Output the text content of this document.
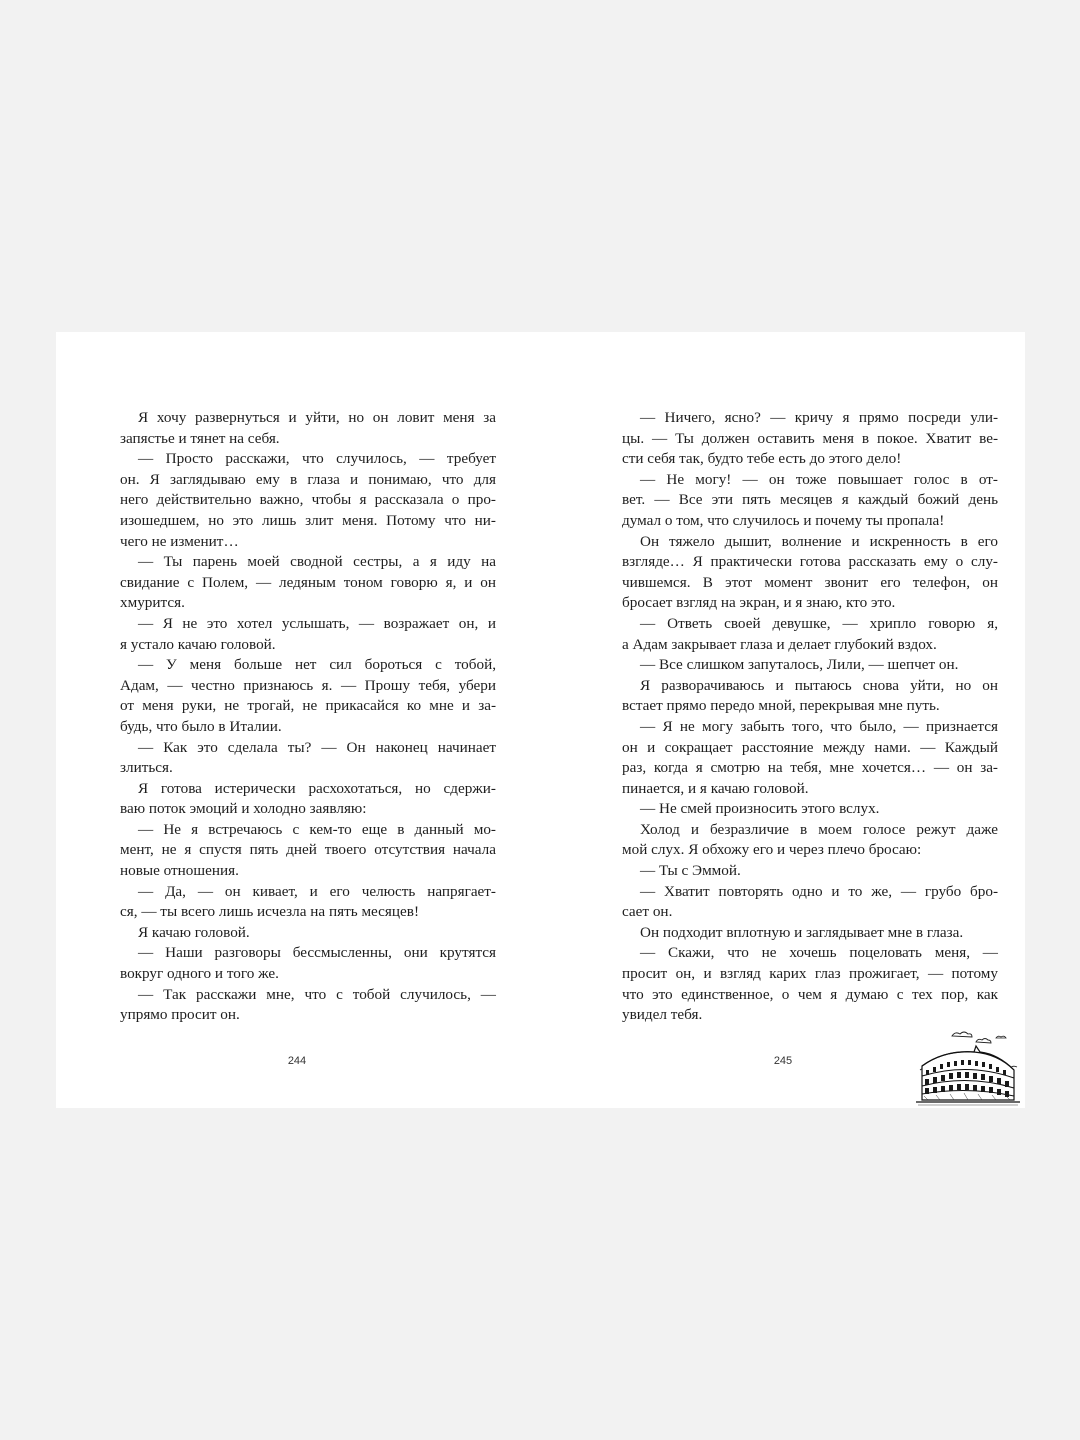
Я хочу развернуться и уйти, но он ловит меня за
запястье и тянет на себя.
— Просто расскажи, что случилось, — требует
он. Я заглядываю ему в глаза и понимаю, что для
него действительно важно, чтобы я рассказала о про-
изошедшем, но это лишь злит меня. Потому что ни-
чего не изменит…
— Ты парень моей сводной сестры, а я иду на
свидание с Полем, — ледяным тоном говорю я, и он
хмурится.
— Я не это хотел услышать, — возражает он, и
я устало качаю головой.
— У меня больше нет сил бороться с тобой,
Адам, — честно признаюсь я. — Прошу тебя, убери
от меня руки, не трогай, не прикасайся ко мне и за-
будь, что было в Италии.
— Как это сделала ты? — Он наконец начинает
злиться.
Я готова истерически расхохотаться, но сдержи-
ваю поток эмоций и холодно заявляю:
— Не я встречаюсь с кем-то еще в данный мо-
мент, не я спустя пять дней твоего отсутствия начала
новые отношения.
— Да, — он кивает, и его челюсть напрягает-
ся, — ты всего лишь исчезла на пять месяцев!
Я качаю головой.
— Наши разговоры бессмысленны, они крутятся
вокруг одного и того же.
— Так расскажи мне, что с тобой случилось, —
упрямо просит он.
— Ничего, ясно? — кричу я прямо посреди ули-
цы. — Ты должен оставить меня в покое. Хватит ве-
сти себя так, будто тебе есть до этого дело!
— Не могу! — он тоже повышает голос в от-
вет. — Все эти пять месяцев я каждый божий день
думал о том, что случилось и почему ты пропала!
Он тяжело дышит, волнение и искренность в его
взгляде… Я практически готова рассказать ему о слу-
чившемся. В этот момент звонит его телефон, он
бросает взгляд на экран, и я знаю, кто это.
— Ответь своей девушке, — хрипло говорю я,
а Адам закрывает глаза и делает глубокий вздох.
— Все слишком запуталось, Лили, — шепчет он.
Я разворачиваюсь и пытаюсь снова уйти, но он
встает прямо передо мной, перекрывая мне путь.
— Я не могу забыть того, что было, — признается
он и сокращает расстояние между нами. — Каждый
раз, когда я смотрю на тебя, мне хочется… — он за-
пинается, и я качаю головой.
— Не смей произносить этого вслух.
Холод и безразличие в моем голосе режут даже
мой слух. Я обхожу его и через плечо бросаю:
— Ты с Эммой.
— Хватит повторять одно и то же, — грубо бро-
сает он.
Он подходит вплотную и заглядывает мне в глаза.
— Скажи, что не хочешь поцеловать меня, —
просит он, и взгляд карих глаз прожигает, — потому
что это единственное, о чем я думаю с тех пор, как
увидел тебя.
244	245
